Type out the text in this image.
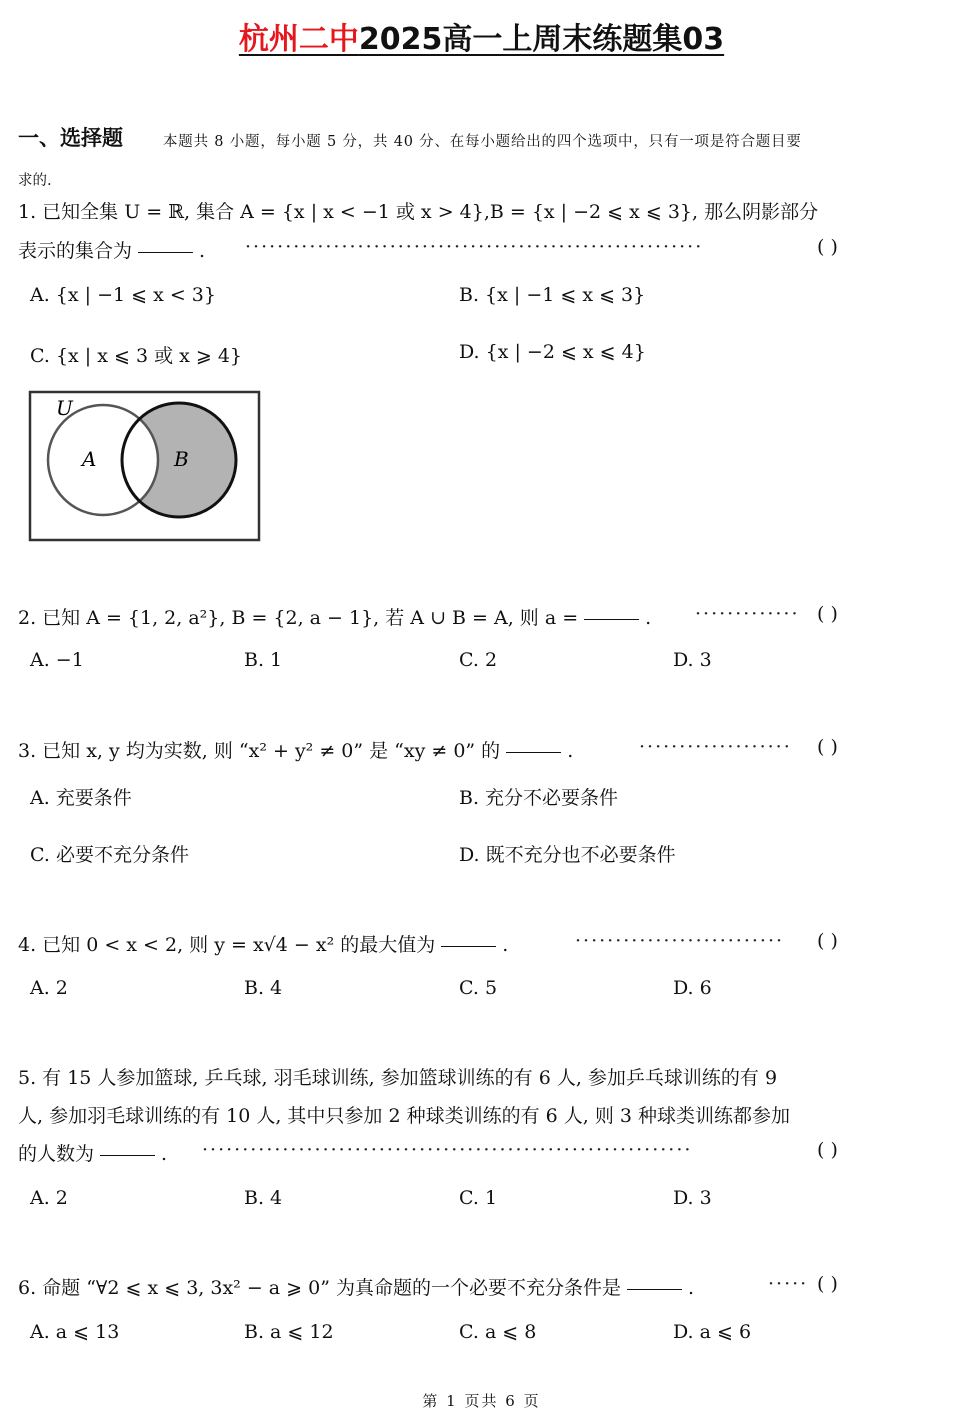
杭州二中2025高一上周末练题集03
一、选择题	本题共 8 小题，每小题 5 分，共 40 分、在每小题给出的四个选项中，只有一项是符合题目要
求的.
1. 已知全集 U = ℝ, 集合 A = {x | x < −1 或 x > 4},B = {x | −2 ⩽ x ⩽ 3}, 那么阴影部分
表示的集合为	. ·························································	( )
A. {x | −1 ⩽ x < 3}	B. {x | −1 ⩽ x ⩽ 3}
C. {x | x ⩽ 3 或 x ⩾ 4}	D. {x | −2 ⩽ x ⩽ 4}
U
A	B
2. 已知 A = {1, 2, a²}, B = {2, a − 1}, 若 A ∪ B = A, 则 a =	. ············· ( )
A. −1	B. 1	C. 2	D. 3
3. 已知 x, y 均为实数, 则 “x² + y² ≠ 0” 是 “xy ≠ 0” 的	.	··················· ( )
A. 充要条件	B. 充分不必要条件
C. 必要不充分条件	D. 既不充分也不必要条件
4. 已知 0 < x < 2, 则 y = x√4 − x² 的最大值为	.	·························· ( )
A. 2	B. 4	C. 5	D. 6
5. 有 15 人参加篮球, 乒乓球, 羽毛球训练, 参加篮球训练的有 6 人, 参加乒乓球训练的有 9
人, 参加羽毛球训练的有 10 人, 其中只参加 2 种球类训练的有 6 人, 则 3 种球类训练都参加
的人数为	. ·····························································	( )
A. 2	B. 4	C. 1	D. 3
6. 命题 “∀2 ⩽ x ⩽ 3, 3x² − a ⩾ 0” 为真命题的一个必要不充分条件是	.	····· ( )
A. a ⩽ 13	B. a ⩽ 12	C. a ⩽ 8	D. a ⩽ 6
第 1 页共 6 页
